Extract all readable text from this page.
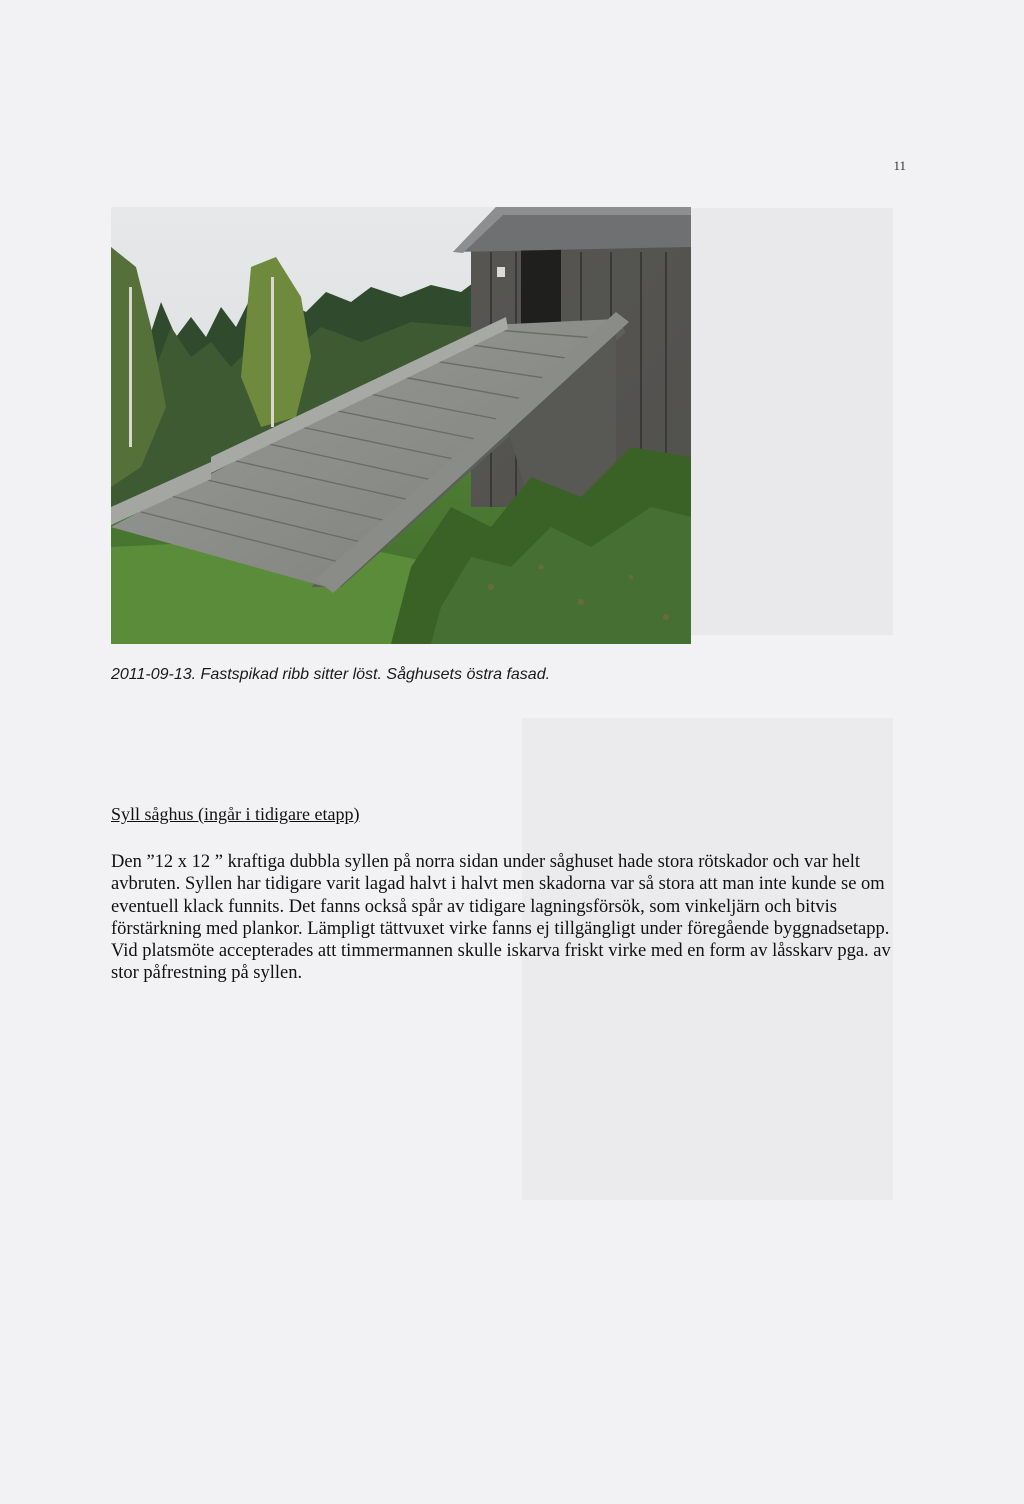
11
2011-09-13. Fastspikad ribb sitter löst. Såghusets östra fasad.
Syll såghus (ingår i tidigare etapp)

Den ”12 x 12 ” kraftiga dubbla syllen på norra sidan under såghuset hade stora rötskador och var helt avbruten. Syllen har tidigare varit lagad halvt i halvt men skadorna var så stora att man inte kunde se om eventuell klack funnits. Det fanns också spår av tidigare lagningsförsök, som vinkeljärn och bitvis förstärkning med plankor. Lämpligt tättvuxet virke fanns ej tillgängligt under föregående byggnadsetapp. Vid platsmöte accepterades att timmermannen skulle iskarva friskt virke med en form av låsskarv pga. av stor påfrestning på syllen.
